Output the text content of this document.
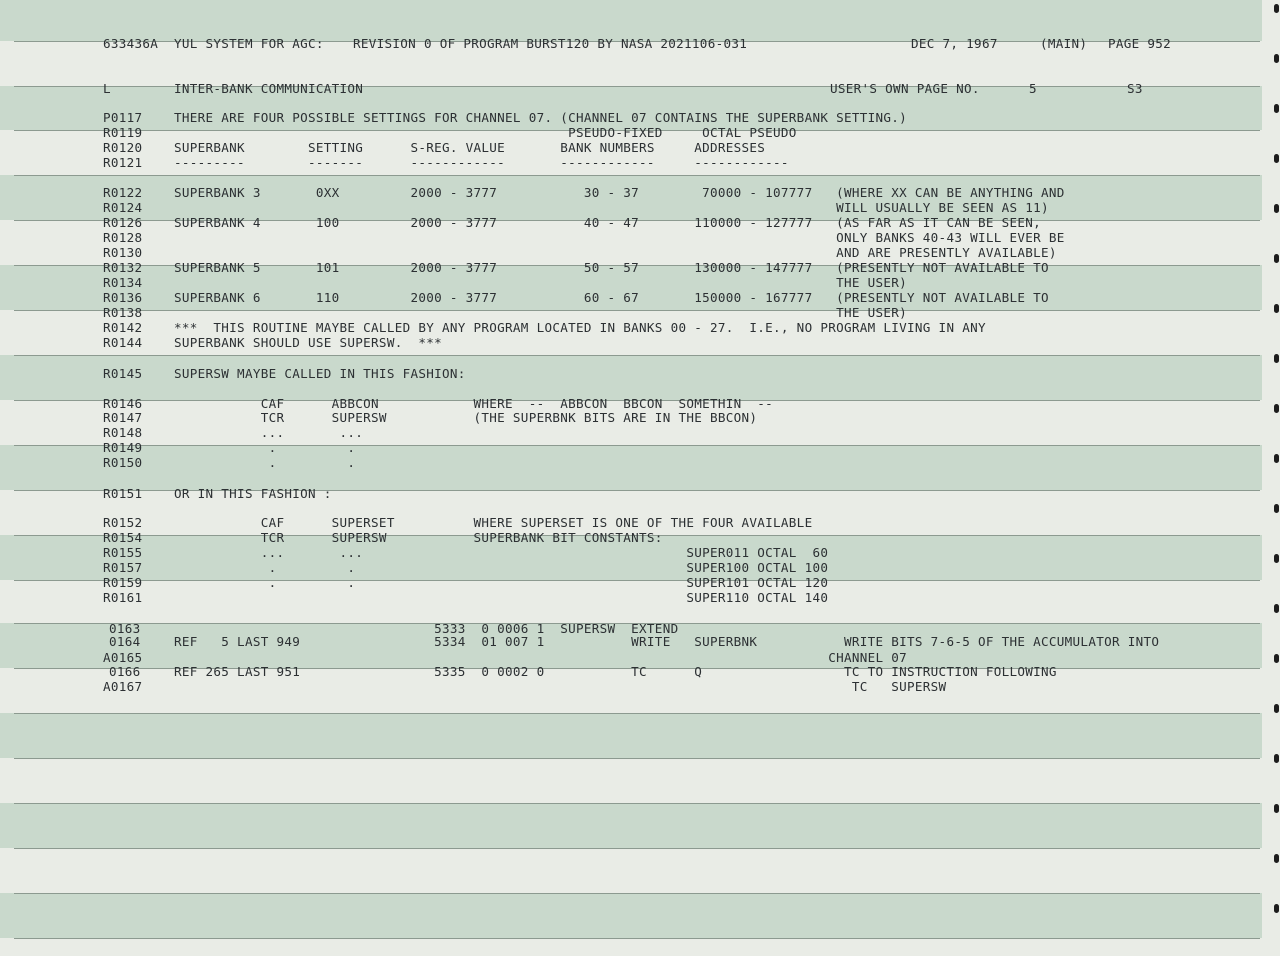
633436A YUL SYSTEM FOR AGC: REVISION 0 OF PROGRAM BURST120 BY NASA 2021106-031	DEC 7, 1967	(MAIN) PAGE 952
L	INTER-BANK COMMUNICATION	USER'S OWN PAGE NO.	5	S3
P0117	THERE ARE FOUR POSSIBLE SETTINGS FOR CHANNEL 07. (CHANNEL 07 CONTAINS THE SUPERBANK SETTING.)
R0119	PSEUDO-FIXED     OCTAL PSEUDO
R0120	SUPERBANK        SETTING      S-REG. VALUE       BANK NUMBERS     ADDRESSES
R0121	---------        -------      ------------       ------------     ------------
R0122	SUPERBANK 3       0XX         2000 - 3777           30 - 37        70000 - 107777   (WHERE XX CAN BE ANYTHING AND
R0124	WILL USUALLY BE SEEN AS 11)
R0126	SUPERBANK 4       100         2000 - 3777           40 - 47       110000 - 127777   (AS FAR AS IT CAN BE SEEN,
R0128	ONLY BANKS 40-43 WILL EVER BE
R0130	AND ARE PRESENTLY AVAILABLE)
R0132	SUPERBANK 5       101         2000 - 3777           50 - 57       130000 - 147777   (PRESENTLY NOT AVAILABLE TO
R0134	THE USER)
R0136	SUPERBANK 6       110         2000 - 3777           60 - 67       150000 - 167777   (PRESENTLY NOT AVAILABLE TO
R0138	THE USER)
R0142	***  THIS ROUTINE MAYBE CALLED BY ANY PROGRAM LOCATED IN BANKS 00 - 27.  I.E., NO PROGRAM LIVING IN ANY
R0144	SUPERBANK SHOULD USE SUPERSW.  ***
R0145	SUPERSW MAYBE CALLED IN THIS FASHION:
R0146	CAF      ABBCON            WHERE  --  ABBCON  BBCON  SOMETHIN  --
R0147	TCR      SUPERSW           (THE SUPERBNK BITS ARE IN THE BBCON)
R0148	...       ...
R0149	.         .
R0150	.         .
R0151	OR IN THIS FASHION :
R0152	CAF      SUPERSET          WHERE SUPERSET IS ONE OF THE FOUR AVAILABLE
R0154	TCR      SUPERSW           SUPERBANK BIT CONSTANTS:
R0155	...       ...                                         SUPER011 OCTAL  60
R0157	.         .                                          SUPER100 OCTAL 100
R0159	.         .                                          SUPER101 OCTAL 120
R0161	SUPER110 OCTAL 140
0163	5333  0 0006 1  SUPERSW  EXTEND
0164	REF   5 LAST 949                 5334  01 007 1           WRITE   SUPERBNK           WRITE BITS 7-6-5 OF THE ACCUMULATOR INTO
A0165	CHANNEL 07
0166	REF 265 LAST 951                 5335  0 0002 0           TC      Q                  TC TO INSTRUCTION FOLLOWING
A0167	TC   SUPERSW
